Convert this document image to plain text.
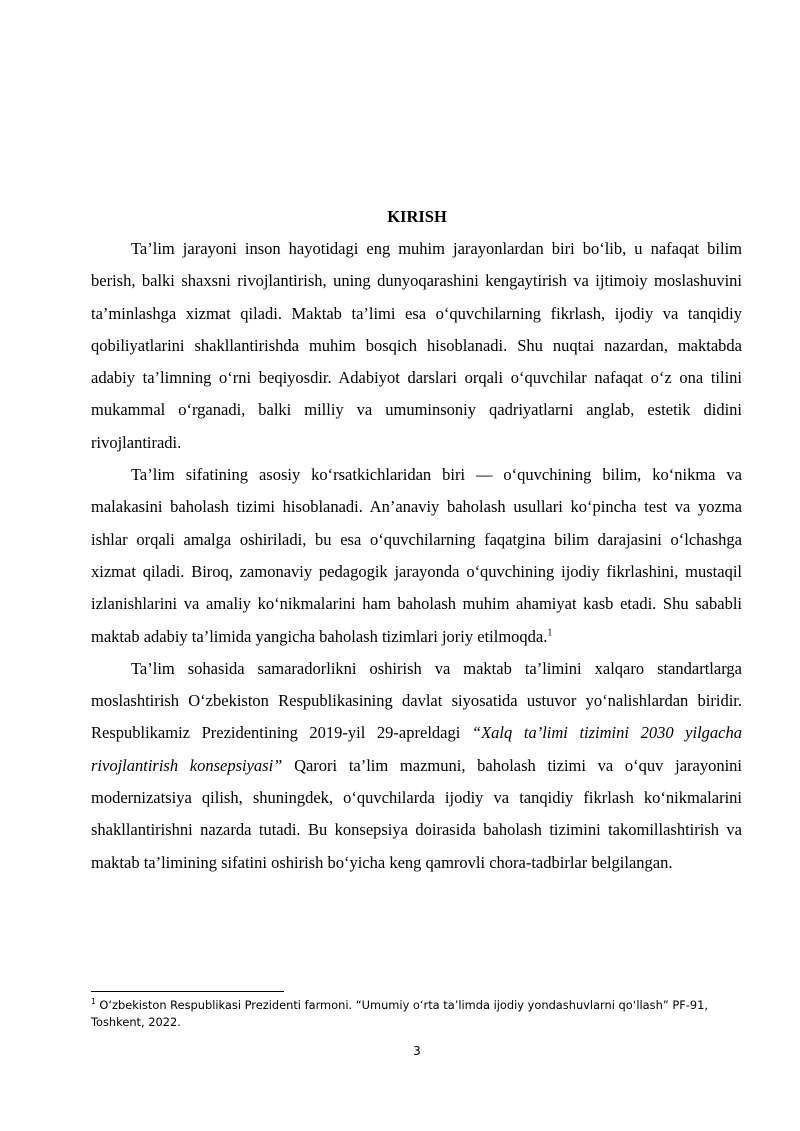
KIRISH

Ta’lim jarayoni inson hayotidagi eng muhim jarayonlardan biri bo‘lib, u nafaqat bilim berish, balki shaxsni rivojlantirish, uning dunyoqarashini kengaytirish va ijtimoiy moslashuvini ta’minlashga xizmat qiladi. Maktab ta’limi esa o‘quvchilarning fikrlash, ijodiy va tanqidiy qobiliyatlarini shakllantirishda muhim bosqich hisoblanadi. Shu nuqtai nazardan, maktabda adabiy ta’limning o‘rni beqiyosdir. Adabiyot darslari orqali o‘quvchilar nafaqat o‘z ona tilini mukammal o‘rganadi, balki milliy va umuminsoniy qadriyatlarni anglab, estetik didini rivojlantiradi.

Ta’lim sifatining asosiy ko‘rsatkichlaridan biri — o‘quvchining bilim, ko‘nikma va malakasini baholash tizimi hisoblanadi. An’anaviy baholash usullari ko‘pincha test va yozma ishlar orqali amalga oshiriladi, bu esa o‘quvchilarning faqatgina bilim darajasini o‘lchashga xizmat qiladi. Biroq, zamonaviy pedagogik jarayonda o‘quvchining ijodiy fikrlashini, mustaqil izlanishlarini va amaliy ko‘nikmalarini ham baholash muhim ahamiyat kasb etadi. Shu sababli maktab adabiy ta’limida yangicha baholash tizimlari joriy etilmoqda.$^1$

Ta’lim sohasida samaradorlikni oshirish va maktab ta’limini xalqaro standartlarga moslashtirish O‘zbekiston Respublikasining davlat siyosatida ustuvor yo‘nalishlardan biridir. Respublikamiz Prezidentining 2019-yil 29-apreldagi “Xalq ta’limi tizimini 2030 yilgacha rivojlantirish konsepsiyasi” Qarori ta’lim mazmuni, baholash tizimi va o‘quv jarayonini modernizatsiya qilish, shuningdek, o‘quvchilarda ijodiy va tanqidiy fikrlash ko‘nikmalarini shakllantirishni nazarda tutadi. Bu konsepsiya doirasida baholash tizimini takomillashtirish va maktab ta’limining sifatini oshirish bo‘yicha keng qamrovli chora-tadbirlar belgilangan.

$^1$ O‘zbekiston Respublikasi Prezidenti farmoni. “Umumiy o‘rta ta’limda ijodiy yondashuvlarni qo‘llash” PF-91, Toshkent, 2022.
3
